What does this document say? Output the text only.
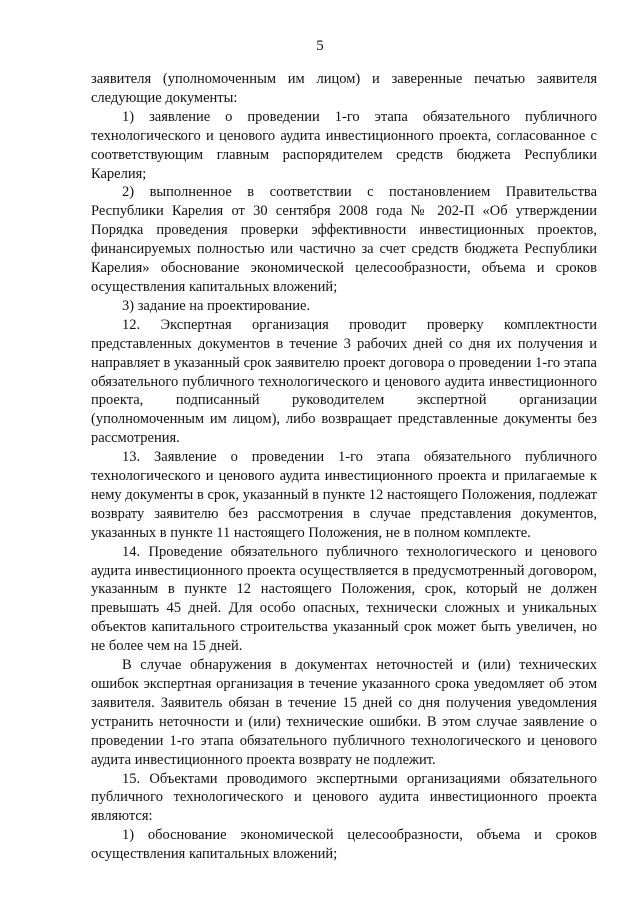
5

заявителя (уполномоченным им лицом) и заверенные печатью заявителя следующие документы:

1) заявление о проведении 1-го этапа обязательного публичного технологического и ценового аудита инвестиционного проекта, согласованное с соответствующим главным распорядителем средств бюджета Республики Карелия;

2) выполненное в соответствии с постановлением Правительства Республики Карелия от 30 сентября 2008 года № 202-П «Об утверждении Порядка проведения проверки эффективности инвестиционных проектов, финансируемых полностью или частично за счет средств бюджета Республики Карелия» обоснование экономической целесообразности, объема и сроков осуществления капитальных вложений;

3) задание на проектирование.

12. Экспертная организация проводит проверку комплектности представленных документов в течение 3 рабочих дней со дня их получения и направляет в указанный срок заявителю проект договора о проведении 1-го этапа обязательного публичного технологического и ценового аудита инвестиционного проекта, подписанный руководителем экспертной организации (уполномоченным им лицом), либо возвращает представленные документы без рассмотрения.

13. Заявление о проведении 1-го этапа обязательного публичного технологического и ценового аудита инвестиционного проекта и прилагаемые к нему документы в срок, указанный в пункте 12 настоящего Положения, подлежат возврату заявителю без рассмотрения в случае представления документов, указанных в пункте 11 настоящего Положения, не в полном комплекте.

14. Проведение обязательного публичного технологического и ценового аудита инвестиционного проекта осуществляется в предусмотренный договором, указанным в пункте 12 настоящего Положения, срок, который не должен превышать 45 дней. Для особо опасных, технически сложных и уникальных объектов капитального строительства указанный срок может быть увеличен, но не более чем на 15 дней.

В случае обнаружения в документах неточностей и (или) технических ошибок экспертная организация в течение указанного срока уведомляет об этом заявителя. Заявитель обязан в течение 15 дней со дня получения уведомления устранить неточности и (или) технические ошибки. В этом случае заявление о проведении 1-го этапа обязательного публичного технологического и ценового аудита инвестиционного проекта возврату не подлежит.

15. Объектами проводимого экспертными организациями обязательного публичного технологического и ценового аудита инвестиционного проекта являются:

1) обоснование экономической целесообразности, объема и сроков осуществления капитальных вложений;
